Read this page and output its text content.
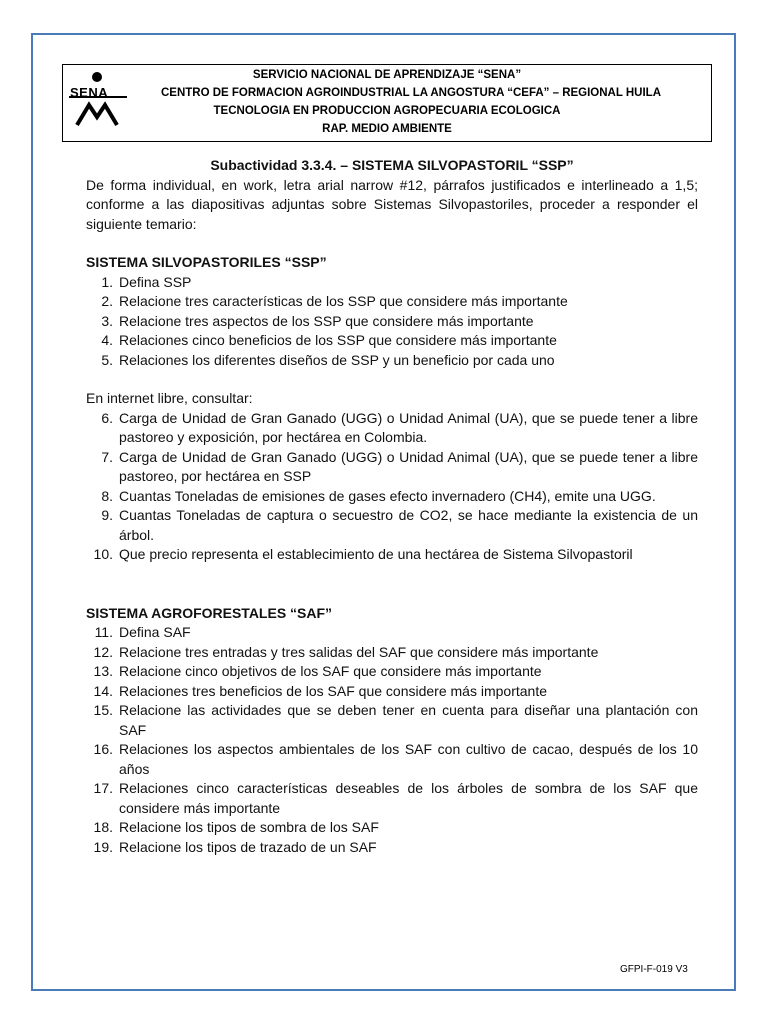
SENA
SERVICIO NACIONAL DE APRENDIZAJE “SENA”
CENTRO DE FORMACION AGROINDUSTRIAL LA ANGOSTURA “CEFA” – REGIONAL HUILA
TECNOLOGIA EN PRODUCCION AGROPECUARIA ECOLOGICA
RAP. MEDIO AMBIENTE

Subactividad 3.3.4. – SISTEMA SILVOPASTORIL “SSP”

De forma individual, en work, letra arial narrow #12, párrafos justificados e interlineado a 1,5; conforme a las diapositivas adjuntas sobre Sistemas Silvopastoriles, proceder a responder el siguiente temario:

SISTEMA SILVOPASTORILES “SSP”

1. Defina SSP
2. Relacione tres características de los SSP que considere más importante
3. Relacione tres aspectos de los SSP que considere más importante
4. Relaciones cinco beneficios de los SSP que considere más importante
5. Relaciones los diferentes diseños de SSP y un beneficio por cada uno

En internet libre, consultar:

6. Carga de Unidad de Gran Ganado (UGG) o Unidad Animal (UA), que se puede tener a libre pastoreo y exposición, por hectárea en Colombia.
7. Carga de Unidad de Gran Ganado (UGG) o Unidad Animal (UA), que se puede tener a libre pastoreo, por hectárea en SSP
8. Cuantas Toneladas de emisiones de gases efecto invernadero (CH4), emite una UGG.
9. Cuantas Toneladas de captura o secuestro de CO2, se hace mediante la existencia de un árbol.
10. Que precio representa el establecimiento de una hectárea de Sistema Silvopastoril

SISTEMA AGROFORESTALES “SAF”

11. Defina SAF
12. Relacione tres entradas y tres salidas del SAF que considere más importante
13. Relacione cinco objetivos de los SAF que considere más importante
14. Relaciones tres beneficios de los SAF que considere más importante
15. Relacione las actividades que se deben tener en cuenta para diseñar una plantación con SAF
16. Relaciones los aspectos ambientales de los SAF con cultivo de cacao, después de los 10 años
17. Relaciones cinco características deseables de los árboles de sombra de los SAF que considere más importante
18. Relacione los tipos de sombra de los SAF
19. Relacione los tipos de trazado de un SAF
GFPI-F-019 V3
